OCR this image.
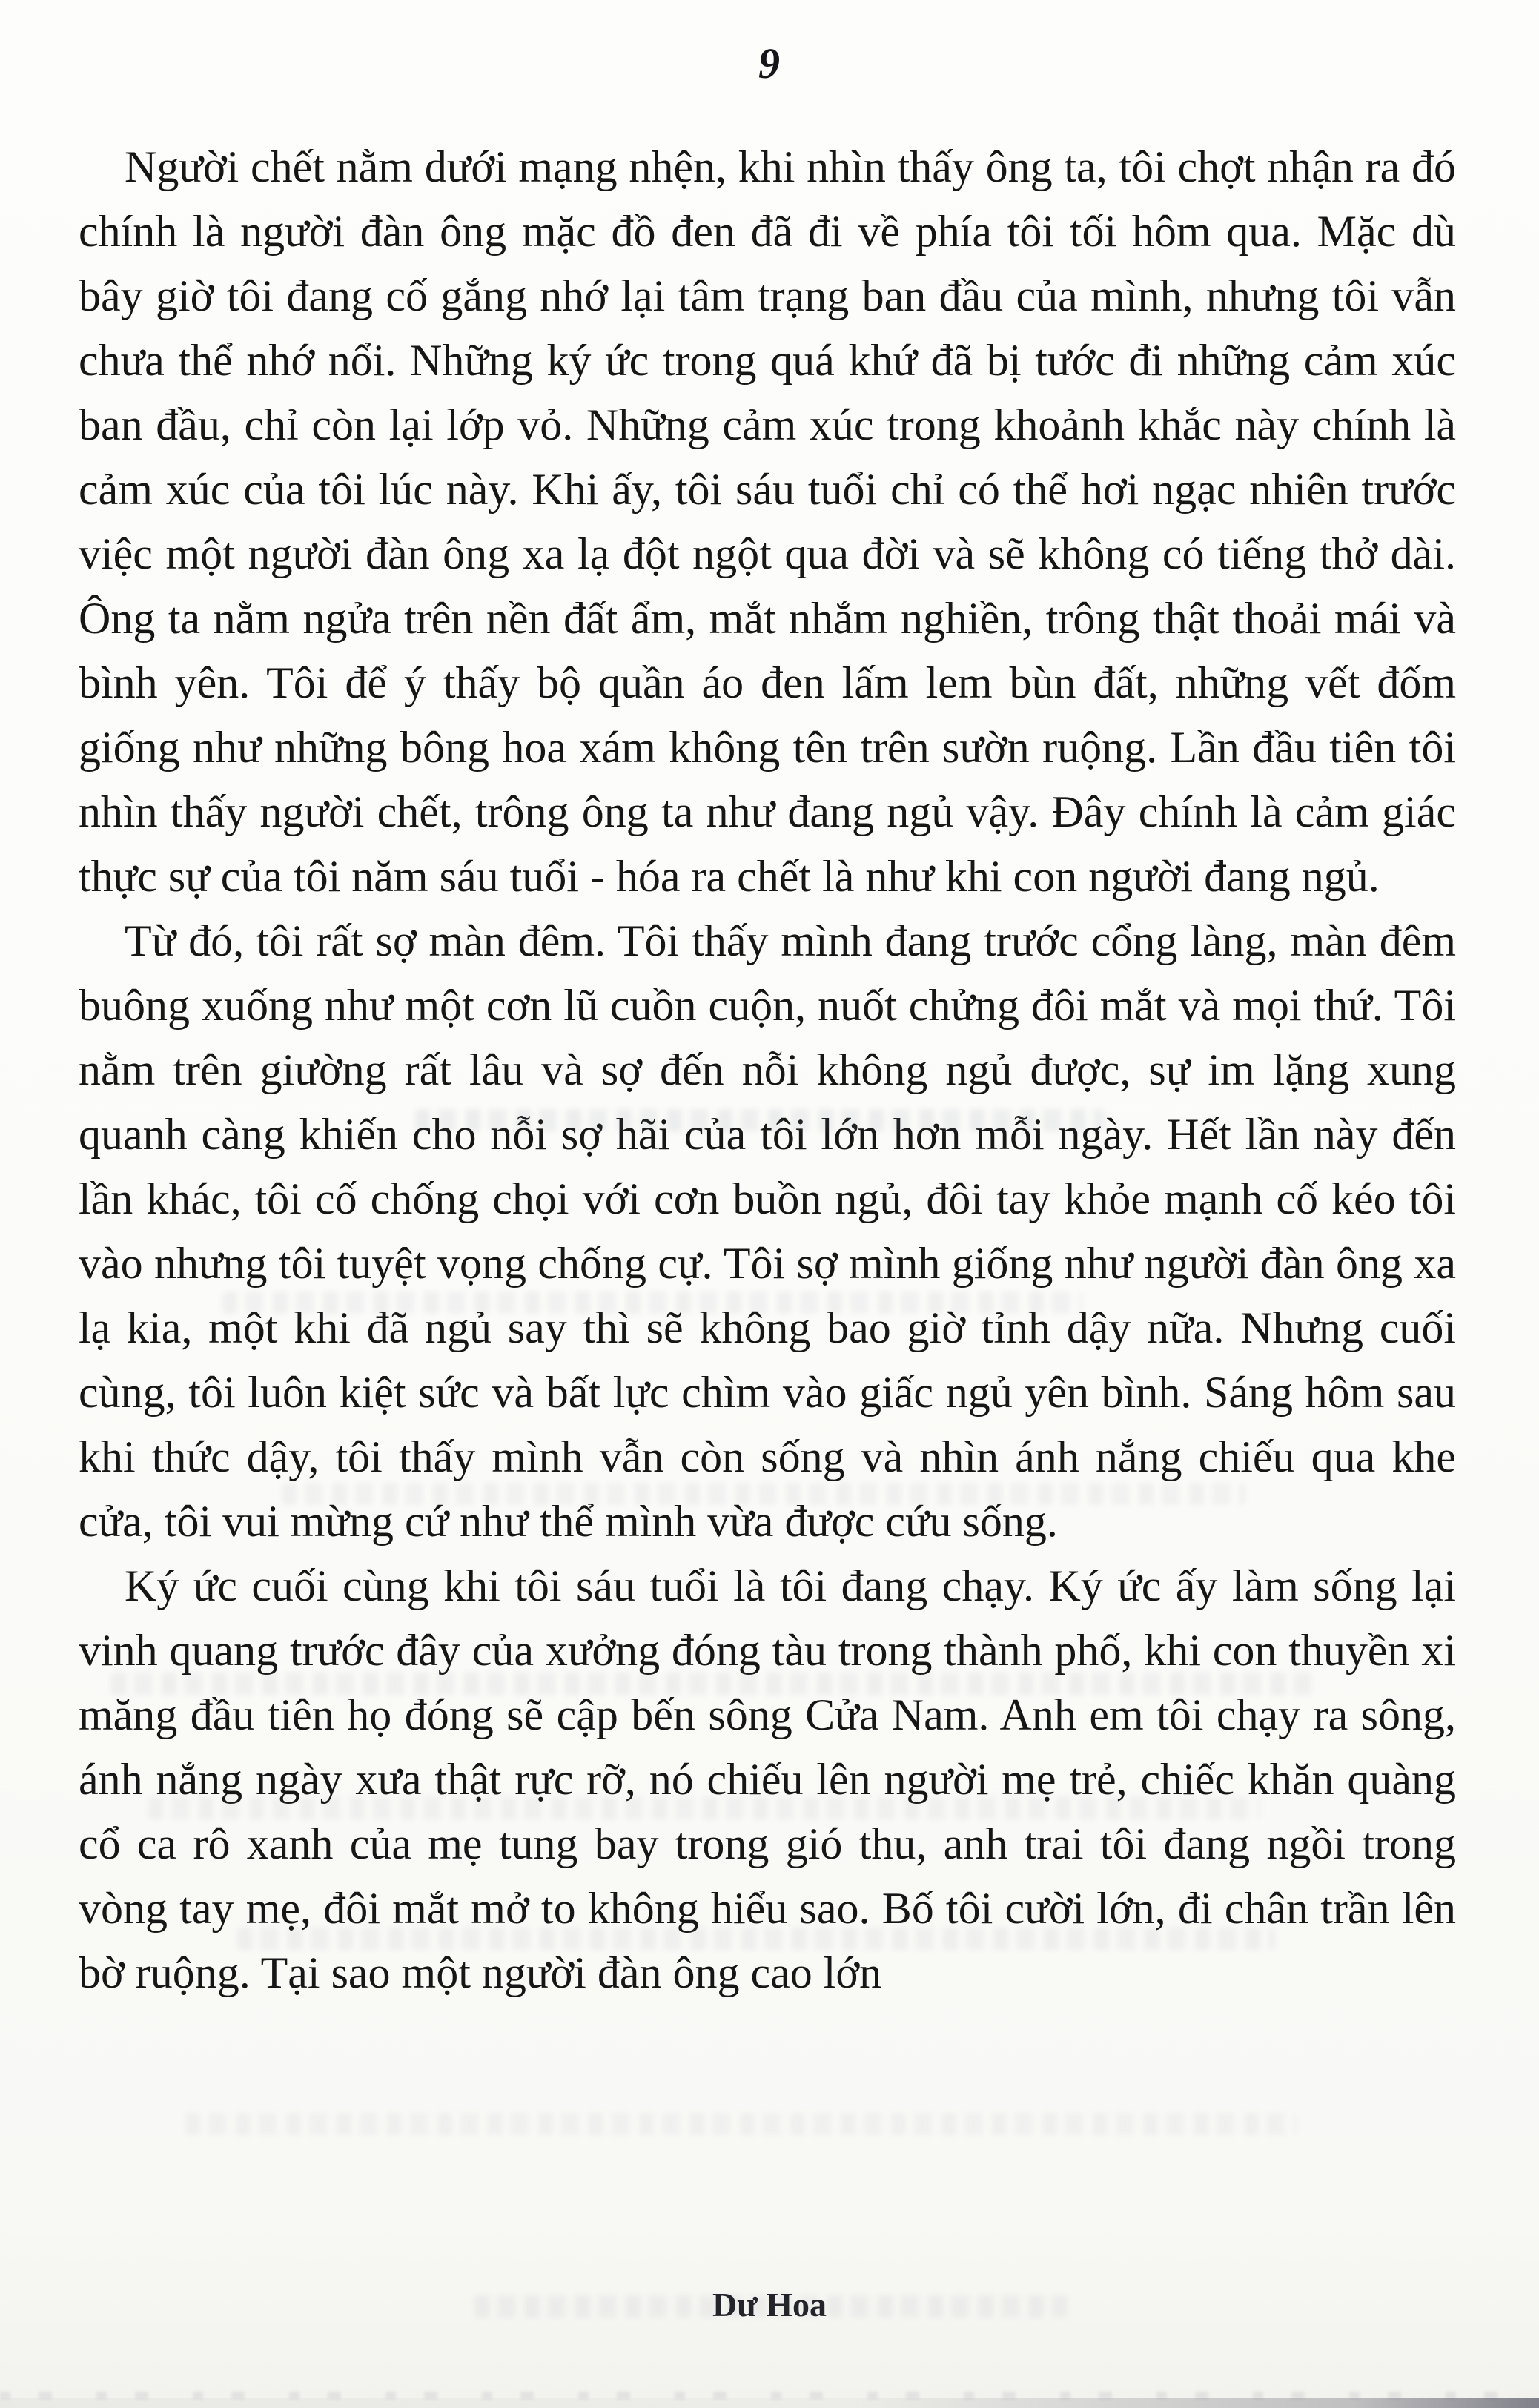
9

Người chết nằm dưới mạng nhện, khi nhìn thấy ông ta, tôi chợt nhận ra đó chính là người đàn ông mặc đồ đen đã đi về phía tôi tối hôm qua. Mặc dù bây giờ tôi đang cố gắng nhớ lại tâm trạng ban đầu của mình, nhưng tôi vẫn chưa thể nhớ nổi. Những ký ức trong quá khứ đã bị tước đi những cảm xúc ban đầu, chỉ còn lại lớp vỏ. Những cảm xúc trong khoảnh khắc này chính là cảm xúc của tôi lúc này. Khi ấy, tôi sáu tuổi chỉ có thể hơi ngạc nhiên trước việc một người đàn ông xa lạ đột ngột qua đời và sẽ không có tiếng thở dài. Ông ta nằm ngửa trên nền đất ẩm, mắt nhắm nghiền, trông thật thoải mái và bình yên. Tôi để ý thấy bộ quần áo đen lấm lem bùn đất, những vết đốm giống như những bông hoa xám không tên trên sườn ruộng. Lần đầu tiên tôi nhìn thấy người chết, trông ông ta như đang ngủ vậy. Đây chính là cảm giác thực sự của tôi năm sáu tuổi - hóa ra chết là như khi con người đang ngủ.

Từ đó, tôi rất sợ màn đêm. Tôi thấy mình đang trước cổng làng, màn đêm buông xuống như một cơn lũ cuồn cuộn, nuốt chửng đôi mắt và mọi thứ. Tôi nằm trên giường rất lâu và sợ đến nỗi không ngủ được, sự im lặng xung quanh càng khiến cho nỗi sợ hãi của tôi lớn hơn mỗi ngày. Hết lần này đến lần khác, tôi cố chống chọi với cơn buồn ngủ, đôi tay khỏe mạnh cố kéo tôi vào nhưng tôi tuyệt vọng chống cự. Tôi sợ mình giống như người đàn ông xa lạ kia, một khi đã ngủ say thì sẽ không bao giờ tỉnh dậy nữa. Nhưng cuối cùng, tôi luôn kiệt sức và bất lực chìm vào giấc ngủ yên bình. Sáng hôm sau khi thức dậy, tôi thấy mình vẫn còn sống và nhìn ánh nắng chiếu qua khe cửa, tôi vui mừng cứ như thể mình vừa được cứu sống.

Ký ức cuối cùng khi tôi sáu tuổi là tôi đang chạy. Ký ức ấy làm sống lại vinh quang trước đây của xưởng đóng tàu trong thành phố, khi con thuyền xi măng đầu tiên họ đóng sẽ cập bến sông Cửa Nam. Anh em tôi chạy ra sông, ánh nắng ngày xưa thật rực rỡ, nó chiếu lên người mẹ trẻ, chiếc khăn quàng cổ ca rô xanh của mẹ tung bay trong gió thu, anh trai tôi đang ngồi trong vòng tay mẹ, đôi mắt mở to không hiểu sao. Bố tôi cười lớn, đi chân trần lên bờ ruộng. Tại sao một người đàn ông cao lớn

Dư Hoa
